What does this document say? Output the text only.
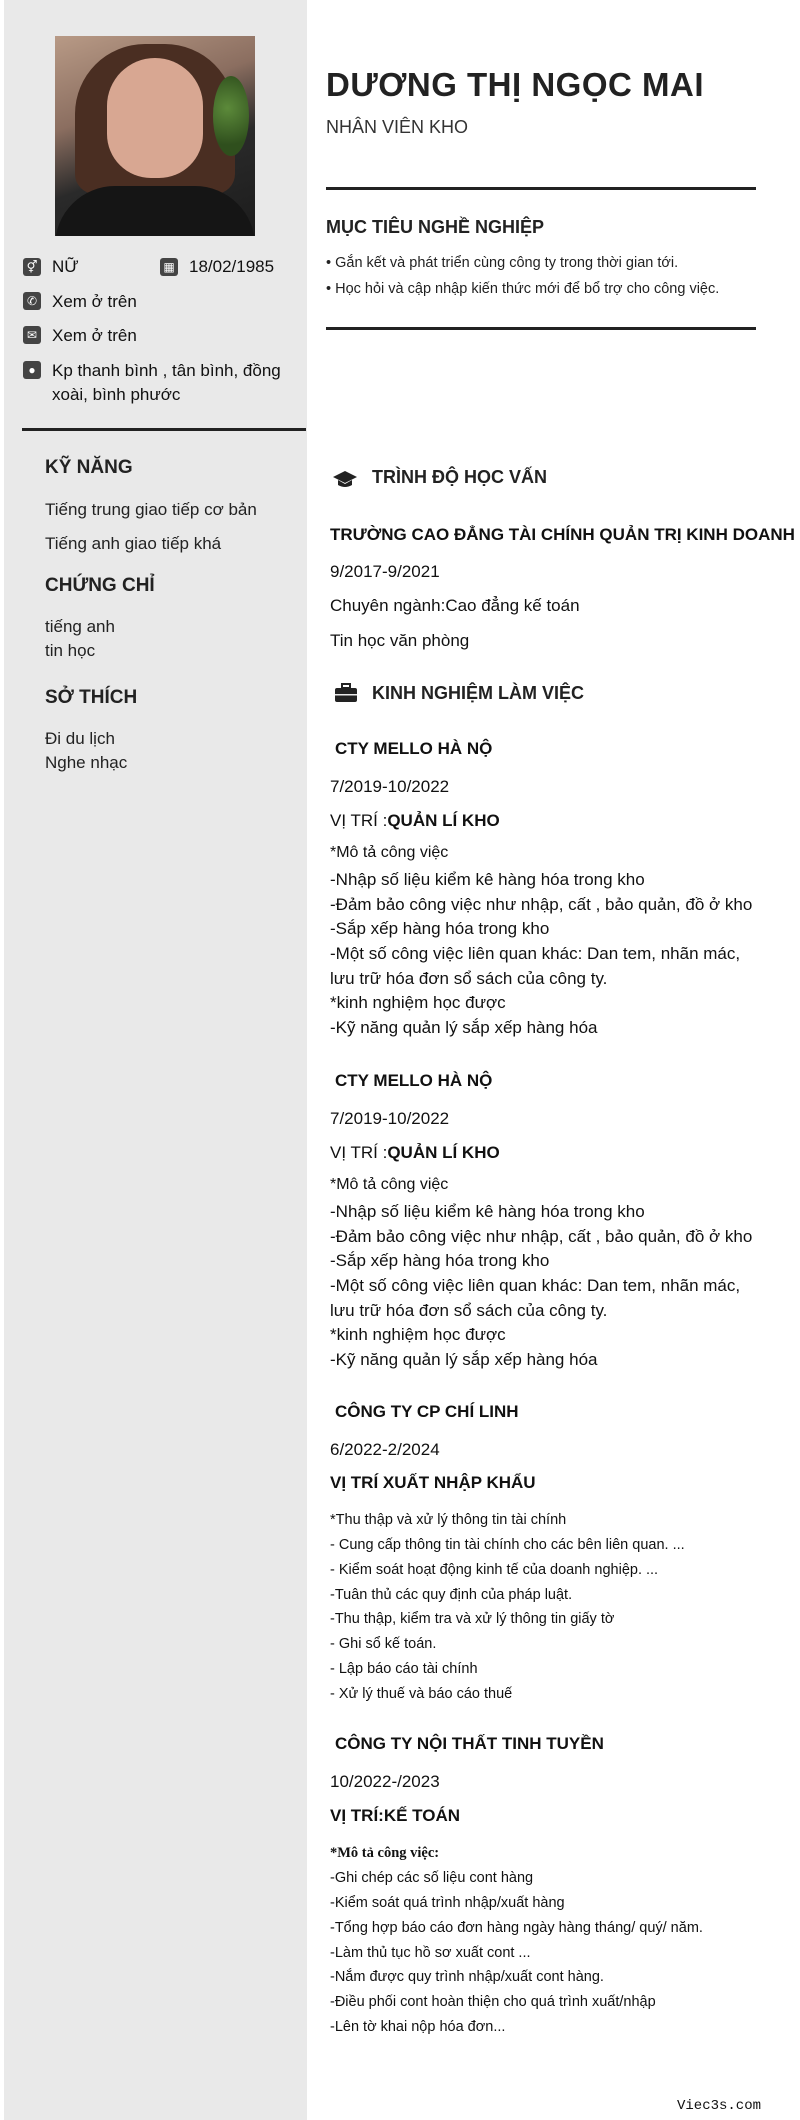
⚥ NỮ	▦ 18/02/1985
✆ Xem ở trên
✉ Xem ở trên
● Kp thanh bình , tân bình, đồng xoài, bình phước
KỸ NĂNG
Tiếng trung giao tiếp cơ bản
Tiếng anh giao tiếp khá
CHỨNG CHỈ
tiếng anh
tin học
SỞ THÍCH
Đi du lịch
Nghe nhạc
DƯƠNG THỊ NGỌC MAI
NHÂN VIÊN KHO
MỤC TIÊU NGHỀ NGHIỆP
• Gắn kết và phát triển cùng công ty trong thời gian tới.
• Học hỏi và cập nhập kiến thức mới để bổ trợ cho công việc.
TRÌNH ĐỘ HỌC VẤN
TRƯỜNG CAO ĐẲNG TÀI CHÍNH QUẢN TRỊ KINH DOANH
9/2017-9/2021
Chuyên ngành:Cao đẳng kế toán
Tin học văn phòng
KINH NGHIỆM LÀM VIỆC
CTY MELLO HÀ NỘ
7/2019-10/2022
VỊ TRÍ :QUẢN LÍ KHO
*Mô tả công việc
-Nhập số liệu kiểm kê hàng hóa trong kho
-Đảm bảo công việc như nhập, cất , bảo quản, đồ ở kho
-Sắp xếp hàng hóa trong kho
-Một số công việc liên quan khác: Dan tem, nhãn mác,
lưu trữ hóa đơn sổ sách của công ty.
*kinh nghiệm học được
-Kỹ năng quản lý sắp xếp hàng hóa
CTY MELLO HÀ NỘ
7/2019-10/2022
VỊ TRÍ :QUẢN LÍ KHO
*Mô tả công việc
-Nhập số liệu kiểm kê hàng hóa trong kho
-Đảm bảo công việc như nhập, cất , bảo quản, đồ ở kho
-Sắp xếp hàng hóa trong kho
-Một số công việc liên quan khác: Dan tem, nhãn mác,
lưu trữ hóa đơn sổ sách của công ty.
*kinh nghiệm học được
-Kỹ năng quản lý sắp xếp hàng hóa
CÔNG TY CP CHÍ LINH
6/2022-2/2024
VỊ TRÍ XUẤT NHẬP KHẨU
*Thu thập và xử lý thông tin tài chính
- Cung cấp thông tin tài chính cho các bên liên quan. ...
- Kiểm soát hoạt động kinh tế của doanh nghiệp. ...
-Tuân thủ các quy định của pháp luật.
-Thu thập, kiểm tra và xử lý thông tin giấy tờ
- Ghi sổ kế toán.
- Lập báo cáo tài chính
- Xử lý thuế và báo cáo thuế
CÔNG TY NỘI THẤT TINH TUYỀN
10/2022-/2023
VỊ TRÍ:KẾ TOÁN
*Mô tả công việc:
-Ghi chép các số liệu cont hàng
-Kiểm soát quá trình nhập/xuất hàng
-Tổng hợp báo cáo đơn hàng ngày hàng tháng/ quý/ năm.
-Làm thủ tục hồ sơ xuất cont ...
-Nắm được quy trình nhập/xuất cont hàng.
-Điều phối cont hoàn thiện cho quá trình xuất/nhập
-Lên tờ khai nộp hóa đơn...
Viec3s.com
